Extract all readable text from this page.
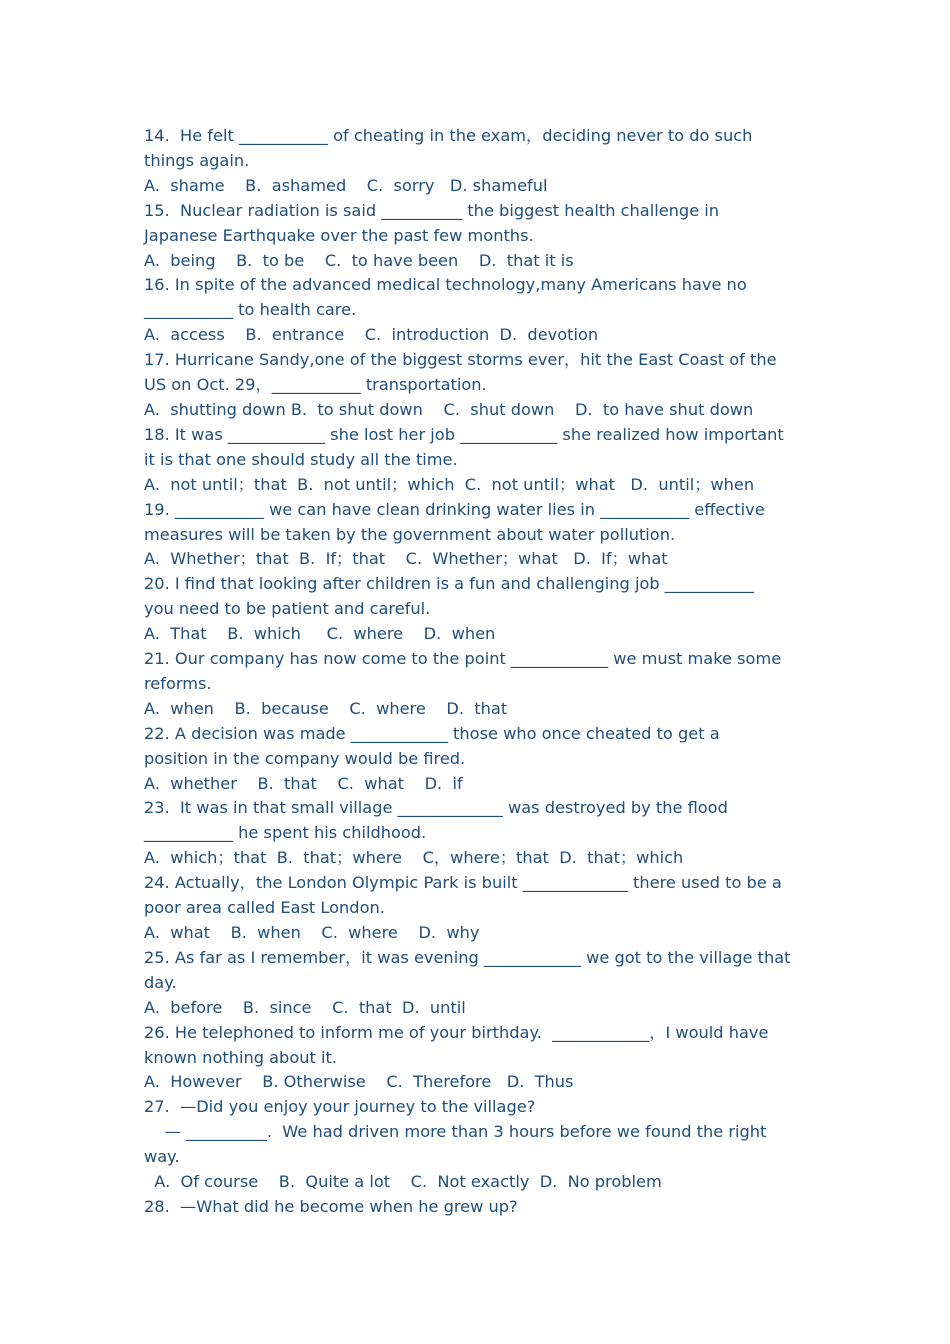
14.  He felt ___________ of cheating in the exam，deciding never to do such

things again.

A.  shame    B.  ashamed    C.  sorry   D. shameful

15.  Nuclear radiation is said __________ the biggest health challenge in

Japanese Earthquake over the past few months.

A.  being    B.  to be    C.  to have been    D.  that it is

16. In spite of the advanced medical technology,many Americans have no

___________ to health care.

A.  access    B.  entrance    C.  introduction  D.  devotion

17. Hurricane Sandy,one of the biggest storms ever，hit the East Coast of the

US on Oct. 29，___________ transportation.

A.  shutting down B.  to shut down    C.  shut down    D.  to have shut down

18. It was ____________ she lost her job ____________ she realized how important

it is that one should study all the time.

A.  not until；that  B.  not until；which  C.  not until；what   D.  until；when

19. ___________ we can have clean drinking water lies in ___________ effective

measures will be taken by the government about water pollution.

A.  Whether；that  B.  If；that    C.  Whether；what   D.  If；what

20. I find that looking after children is a fun and challenging job ___________

you need to be patient and careful.

A.  That    B.  which     C.  where    D.  when

21. Our company has now come to the point ____________ we must make some

reforms.

A.  when    B.  because    C.  where    D.  that

22. A decision was made ____________ those who once cheated to get a

position in the company would be fired.

A.  whether    B.  that    C.  what    D.  if

23.  It was in that small village _____________ was destroyed by the flood

___________ he spent his childhood.

A.  which；that  B.  that；where    C，where；that  D.  that；which

24. Actually，the London Olympic Park is built _____________ there used to be a

poor area called East London.

A.  what    B.  when    C.  where    D.  why

25. As far as I remember，it was evening ____________ we got to the village that

day.

A.  before    B.  since    C.  that  D.  until

26. He telephoned to inform me of your birthday.  ____________，I would have

known nothing about it.

A.  However    B. Otherwise    C.  Therefore   D.  Thus

27.  —Did you enjoy your journey to the village?

— __________.  We had driven more than 3 hours before we found the right

way.

A.  Of course    B.  Quite a lot    C.  Not exactly  D.  No problem

28.  —What did he become when he grew up?
